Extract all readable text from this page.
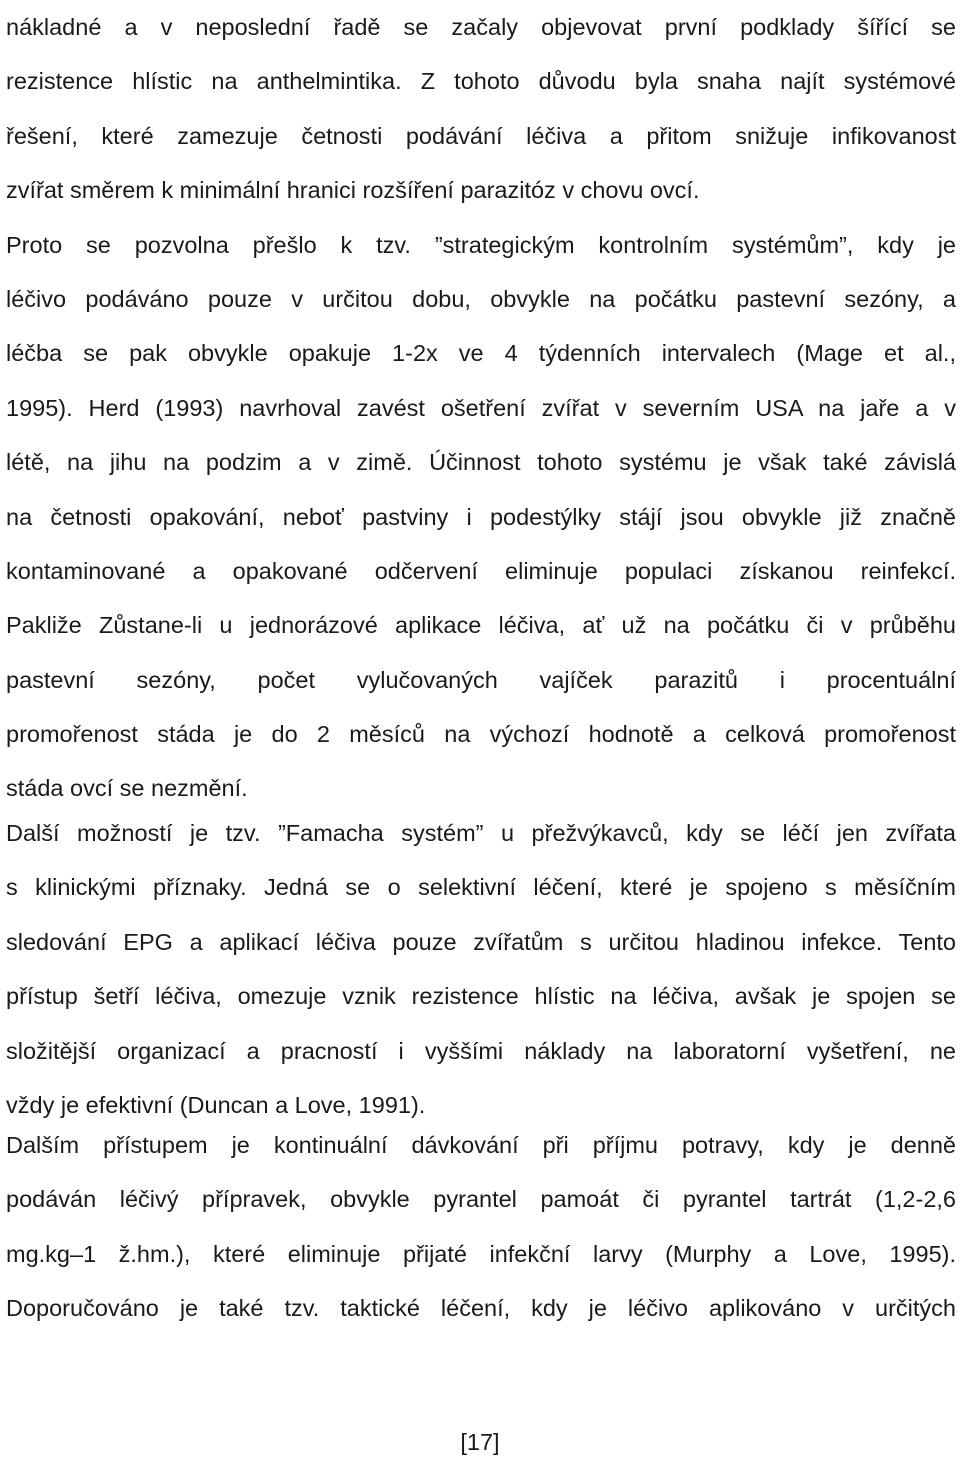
nákladné a v neposlední řadě se začaly objevovat první podklady šířící se
rezistence hlístic na anthelmintika. Z tohoto důvodu byla snaha najít systémové
řešení, které zamezuje četnosti podávání léčiva a přitom snižuje infikovanost
zvířat směrem k minimální hranici rozšíření parazitóz v chovu ovcí.
Proto se pozvolna přešlo k tzv. ”strategickým kontrolním systémům”, kdy je
léčivo podáváno pouze v určitou dobu, obvykle na počátku pastevní sezóny, a
léčba se pak obvykle opakuje 1-2x ve 4 týdenních intervalech (Mage et al.,
1995). Herd (1993) navrhoval zavést ošetření zvířat v severním USA na jaře a v
létě, na jihu na podzim a v zimě. Účinnost tohoto systému je však také závislá
na četnosti opakování, neboť pastviny i podestýlky stájí jsou obvykle již značně
kontaminované a opakované odčervení eliminuje populaci získanou reinfekcí.
Pakliže Zůstane-li u jednorázové aplikace léčiva, ať už na počátku či v průběhu
pastevní sezóny, počet vylučovaných vajíček parazitů i procentuální
promořenost stáda je do 2 měsíců na výchozí hodnotě a celková promořenost
stáda ovcí se nezmění.
Další možností je tzv. ”Famacha systém” u přežvýkavců, kdy se léčí jen zvířata
s klinickými příznaky. Jedná se o selektivní léčení, které je spojeno s měsíčním
sledování EPG a aplikací léčiva pouze zvířatům s určitou hladinou infekce. Tento
přístup šetří léčiva, omezuje vznik rezistence hlístic na léčiva, avšak je spojen se
složitější organizací a pracností i vyššími náklady na laboratorní vyšetření, ne
vždy je efektivní (Duncan a Love, 1991).
Dalším přístupem je kontinuální dávkování při příjmu potravy, kdy je denně
podáván léčivý přípravek, obvykle pyrantel pamoát či pyrantel tartrát (1,2-2,6
mg.kg–1 ž.hm.), které eliminuje přijaté infekční larvy (Murphy a Love, 1995).
Doporučováno je také tzv. taktické léčení, kdy je léčivo aplikováno v určitých
[17]
